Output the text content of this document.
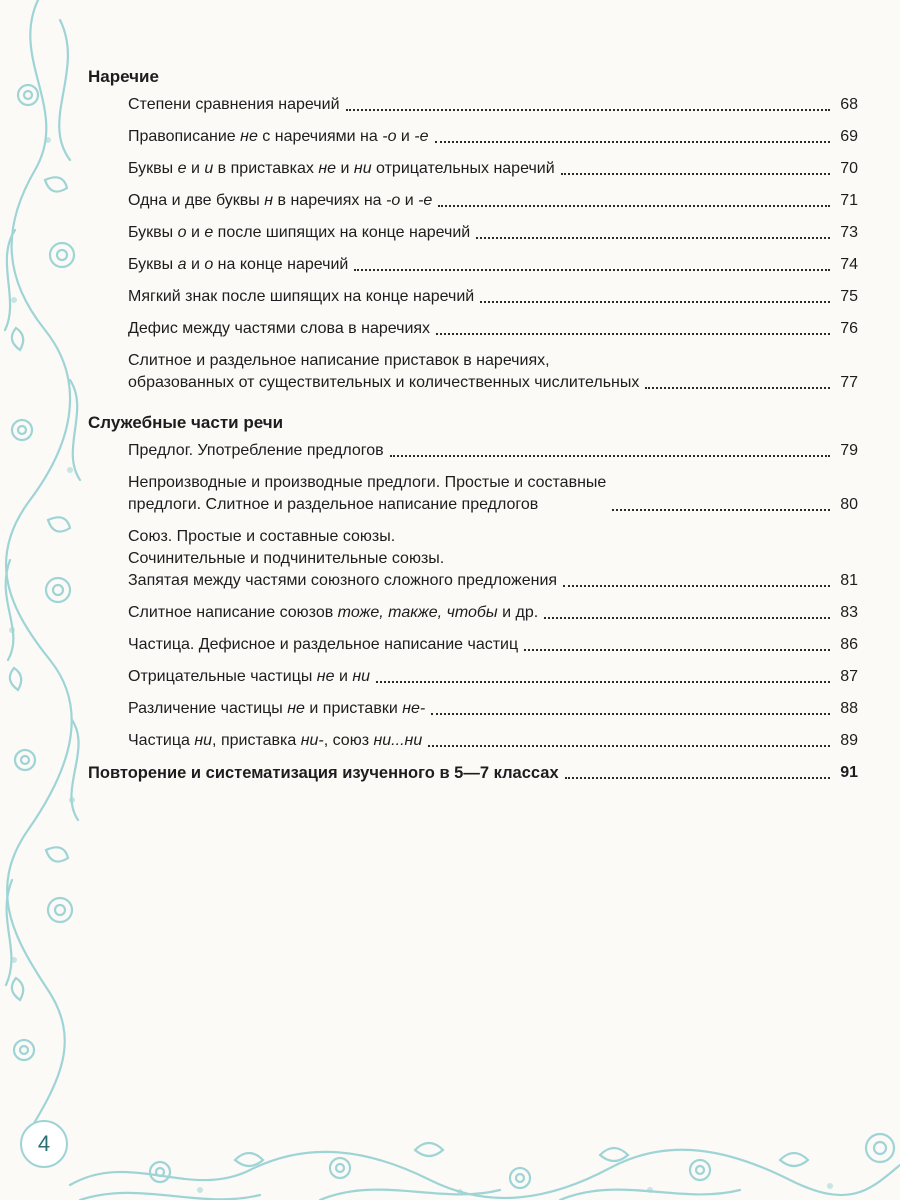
Наречие
Степени сравнения наречий	68
Правописание не с наречиями на -о и -е	69
Буквы е и и в приставках не и ни отрицательных наречий	70
Одна и две буквы н в наречиях на -о и -е	71
Буквы о и е после шипящих на конце наречий	73
Буквы а и о на конце наречий	74
Мягкий знак после шипящих на конце наречий	75
Дефис между частями слова в наречиях	76
Слитное и раздельное написание приставок в наречиях,
образованных от существительных и количественных числительных	77
Служебные части речи
Предлог. Употребление предлогов	79
Непроизводные и производные предлоги. Простые и составные
предлоги. Слитное и раздельное написание предлогов	80
Союз. Простые и составные союзы.
Сочинительные и подчинительные союзы.
Запятая между частями союзного сложного предложения	81
Слитное написание союзов тоже, также, чтобы и др.	83
Частица. Дефисное и раздельное написание частиц	86
Отрицательные частицы не и ни	87
Различение частицы не и приставки не-	88
Частица ни, приставка ни-, союз ни...ни	89
Повторение и систематизация изученного в 5—7 классах	91
4
